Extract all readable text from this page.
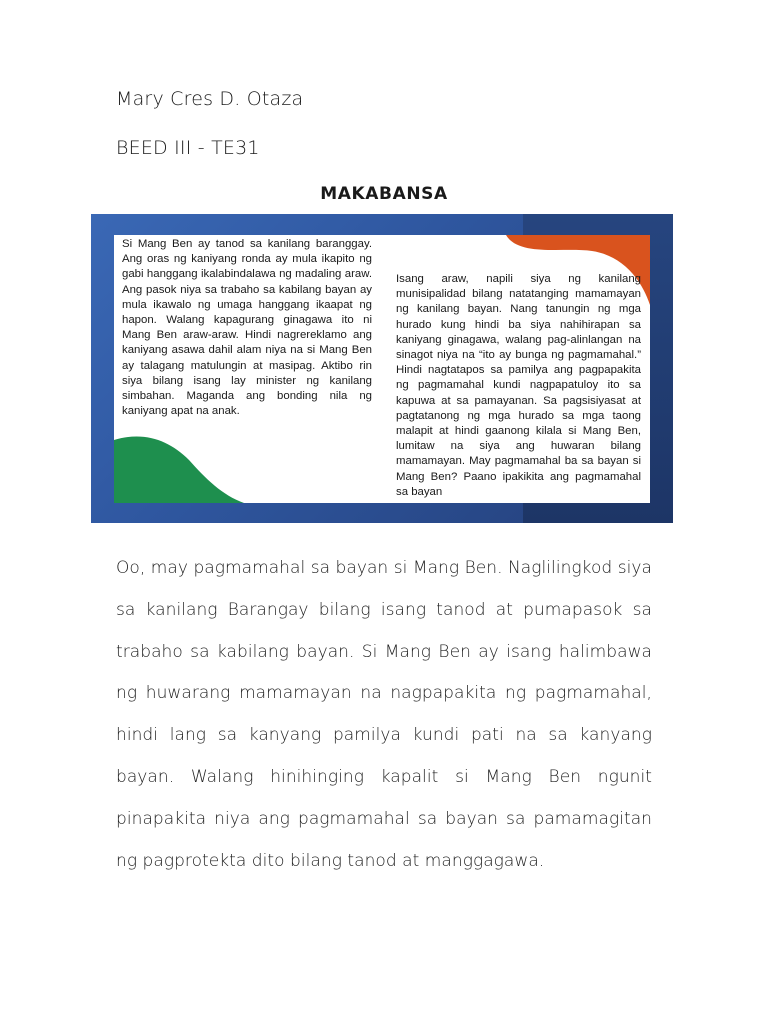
Mary Cres D. Otaza
BEED III - TE31
MAKABANSA
Si Mang Ben ay tanod sa kanilang baranggay. Ang oras ng kaniyang ronda ay mula ikapito ng gabi hanggang ikalabindalawa ng madaling araw. Ang pasok niya sa trabaho sa kabilang bayan ay mula ikawalo ng umaga hanggang ikaapat ng hapon. Walang kapagurang ginagawa ito ni Mang Ben araw-araw. Hindi nagrereklamo ang kaniyang asawa dahil alam niya na si Mang Ben ay talagang matulungin at masipag. Aktibo rin siya bilang isang lay minister ng kanilang simbahan. Maganda ang bonding nila ng kaniyang apat na anak.
Isang araw, napili siya ng kanilang munisipalidad bilang natatanging mamamayan ng kanilang bayan. Nang tanungin ng mga hurado kung hindi ba siya nahihirapan sa kaniyang ginagawa, walang pag-alinlangan na sinagot niya na “ito ay bunga ng pagmamahal.” Hindi nagtatapos sa pamilya ang pagpapakita ng pagmamahal kundi nagpapatuloy ito sa kapuwa at sa pamayanan. Sa pagsisiyasat at pagtatanong ng mga hurado sa mga taong malapit at hindi gaanong kilala si Mang Ben, lumitaw na siya ang huwaran bilang mamamayan. May pagmamahal ba sa bayan si Mang Ben? Paano ipakikita ang pagmamahal sa bayan
Oo, may pagmamahal sa bayan si Mang Ben. Naglilingkod siya sa kanilang Barangay bilang isang tanod at pumapasok sa trabaho sa kabilang bayan. Si Mang Ben ay isang halimbawa ng huwarang mamamayan na nagpapakita ng pagmamahal, hindi lang sa kanyang pamilya kundi pati na sa kanyang bayan. Walang hinihinging kapalit si Mang Ben ngunit pinapakita niya ang pagmamahal sa bayan sa pamamagitan ng pagprotekta dito bilang tanod at manggagawa.
